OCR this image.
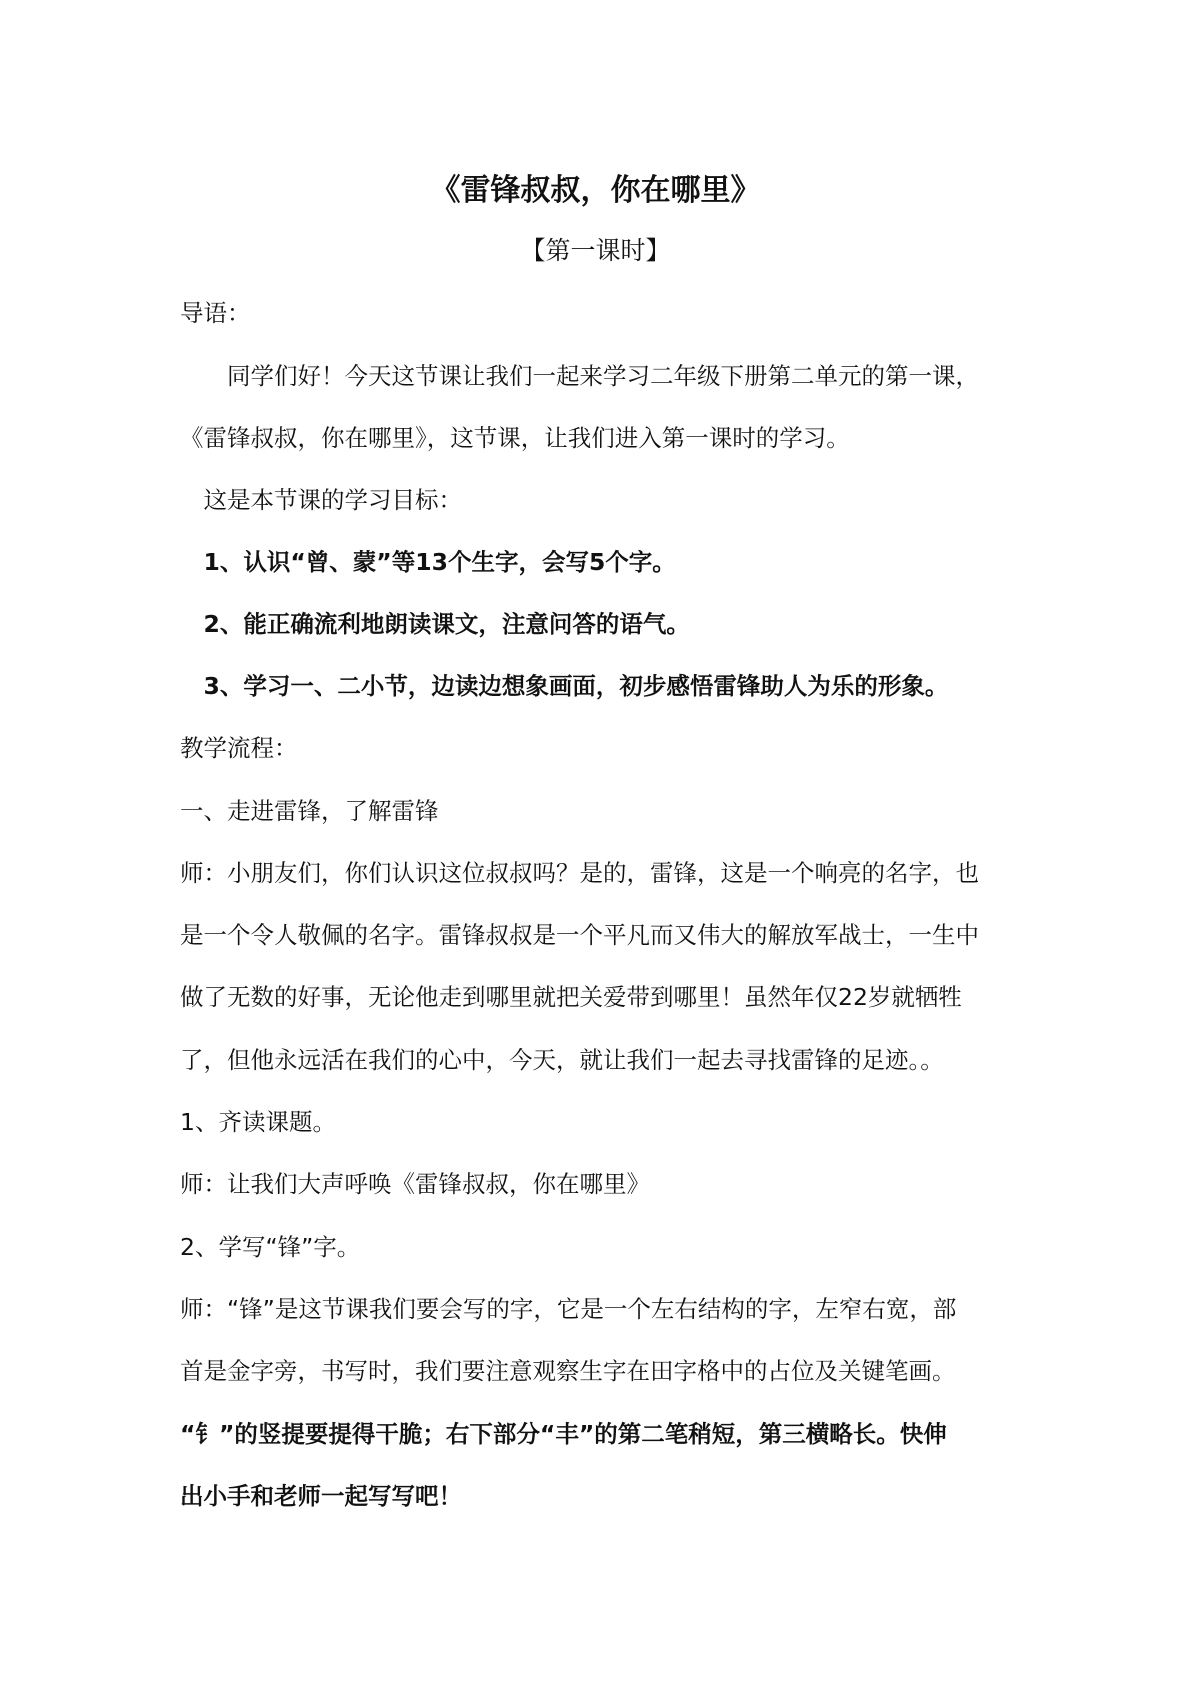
《雷锋叔叔，你在哪里》
【第一课时】
导语：
　　同学们好！今天这节课让我们一起来学习二年级下册第二单元的第一课，
《雷锋叔叔，你在哪里》，这节课，让我们进入第一课时的学习。
　这是本节课的学习目标：
　1、认识“曾、蒙”等13个生字，会写5个字。
　2、能正确流利地朗读课文，注意问答的语气。
　3、学习一、二小节，边读边想象画面，初步感悟雷锋助人为乐的形象。
教学流程：
一、走进雷锋，了解雷锋
师：小朋友们，你们认识这位叔叔吗？是的，雷锋，这是一个响亮的名字，也
是一个令人敬佩的名字。雷锋叔叔是一个平凡而又伟大的解放军战士，一生中
做了无数的好事，无论他走到哪里就把关爱带到哪里！虽然年仅22岁就牺牲
了，但他永远活在我们的心中，今天，就让我们一起去寻找雷锋的足迹。。
1、齐读课题。
师：让我们大声呼唤《雷锋叔叔，你在哪里》
2、学写“锋”字。
师：“锋”是这节课我们要会写的字，它是一个左右结构的字，左窄右宽，部
首是金字旁，书写时，我们要注意观察生字在田字格中的占位及关键笔画。
“钅”的竖提要提得干脆；右下部分“丰”的第二笔稍短，第三横略长。快伸
出小手和老师一起写写吧！
